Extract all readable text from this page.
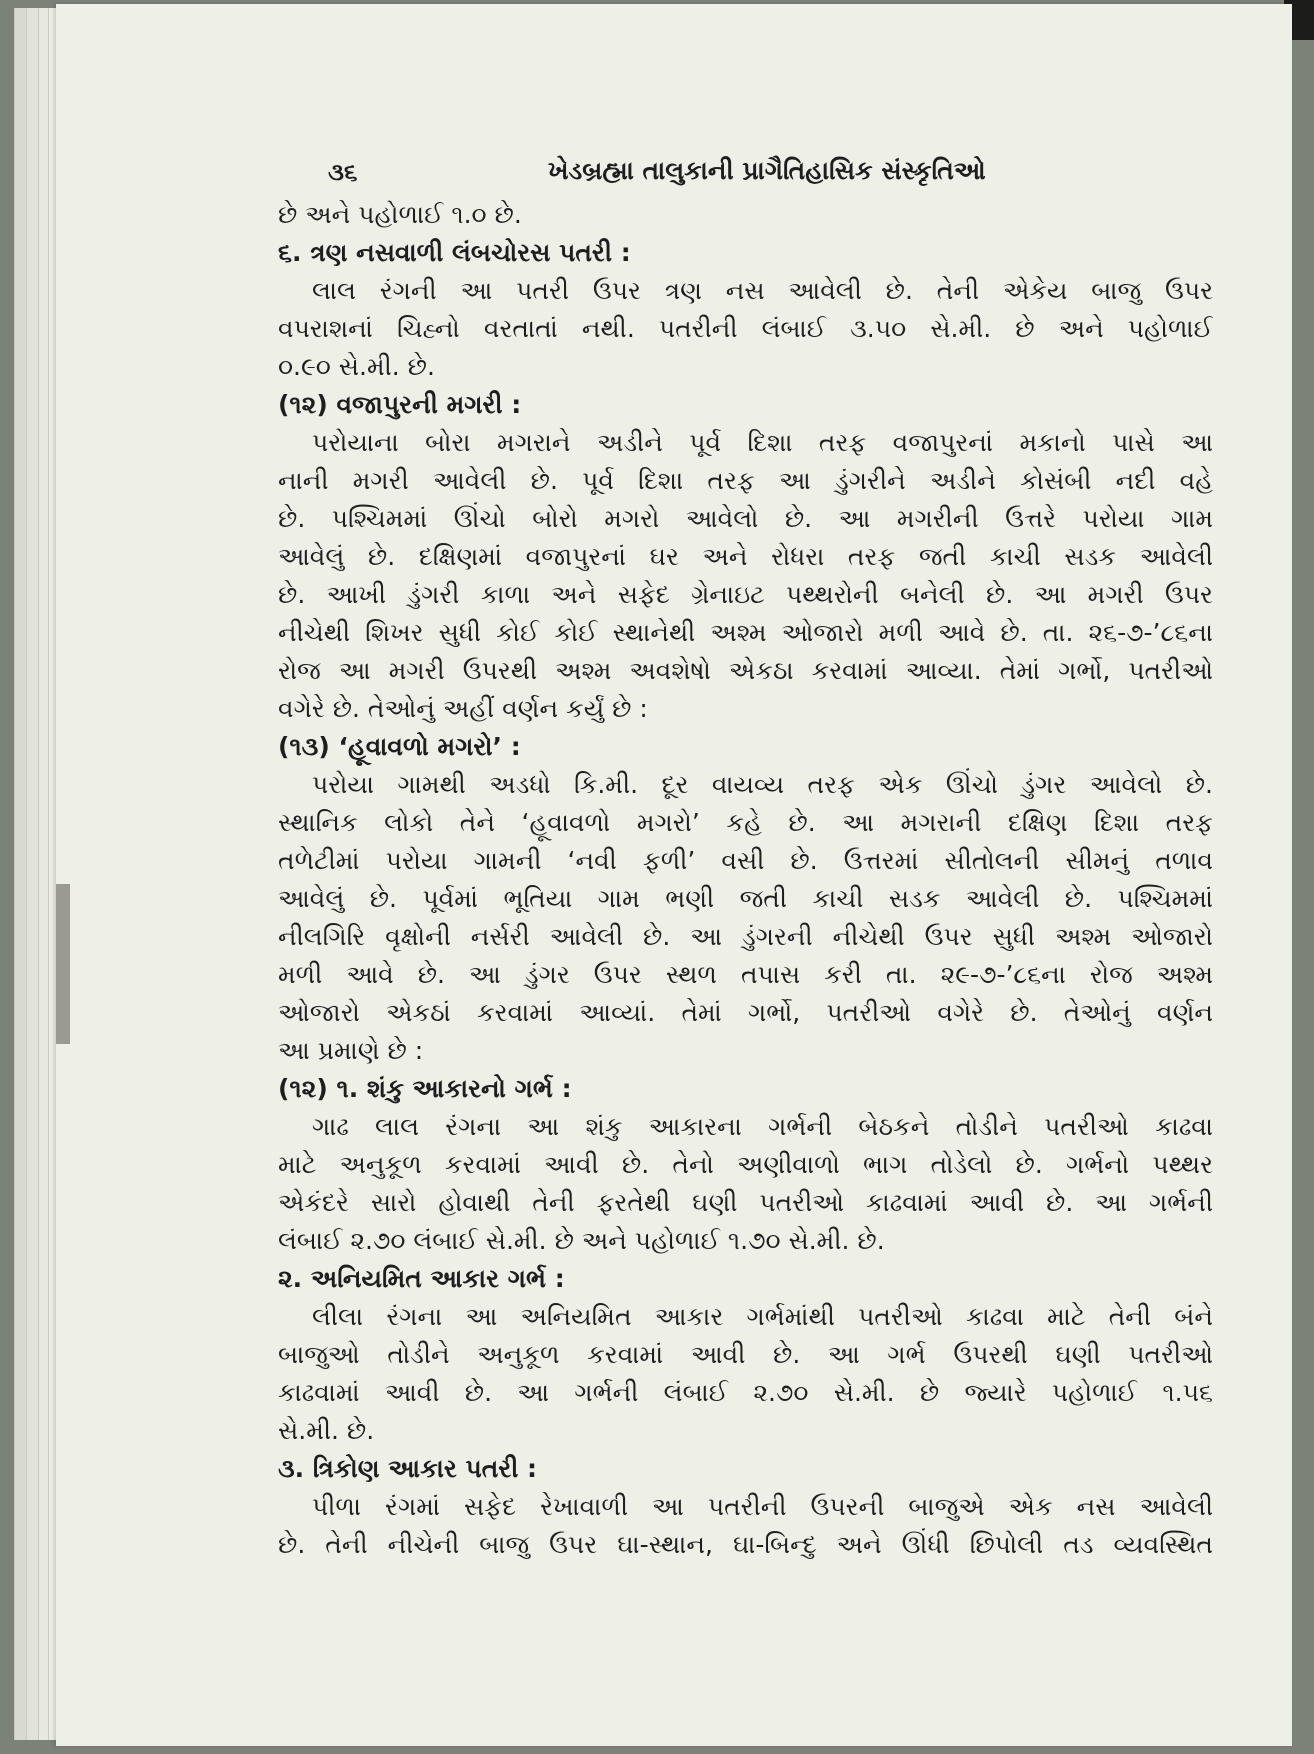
૩૬	ખેડબ્રહ્મા તાલુકાની પ્રાગૈતિહાસિક સંસ્કૃતિઓ
છે અને પહોળાઈ ૧.૦ છે.
૬. ત્રણ નસવાળી લંબચોરસ પતરી :
લાલ રંગની આ પતરી ઉપર ત્રણ નસ આવેલી છે. તેની એકેય બાજુ ઉપર
વપરાશનાં ચિહ્નો વરતાતાં નથી. પતરીની લંબાઈ ૩.૫૦ સે.મી. છે અને પહોળાઈ
૦.૯૦ સે.મી. છે.
(૧૨) વજાપુરની મગરી :
પરોયાના બોરા મગરાને અડીને પૂર્વ દિશા તરફ વજાપુરનાં મકાનો પાસે આ
નાની મગરી આવેલી છે. પૂર્વ દિશા તરફ આ ડુંગરીને અડીને કોસંબી નદી વહે
છે. પશ્ચિમમાં ઊંચો બોરો મગરો આવેલો છે. આ મગરીની ઉત્તરે પરોયા ગામ
આવેલું છે. દક્ષિણમાં વજાપુરનાં ઘર અને રોધરા તરફ જતી કાચી સડક આવેલી
છે. આખી ડુંગરી કાળા અને સફેદ ગ્રેનાઇટ પથ્થરોની બનેલી છે. આ મગરી ઉપર
નીચેથી શિખર સુધી કોઈ કોઈ સ્થાનેથી અશ્મ ઓજારો મળી આવે છે. તા. ૨૬-૭-’૮૬ના
રોજ આ મગરી ઉપરથી અશ્મ અવશેષો એકઠા કરવામાં આવ્યા. તેમાં ગર્ભો, પતરીઓ
વગેરે છે. તેઓનું અહીં વર્ણન કર્યું છે :
(૧૩) ‘હૂવાવળો મગરો’ :
પરોયા ગામથી અડધો કિ.મી. દૂર વાયવ્ય તરફ એક ઊંચો ડુંગર આવેલો છે.
સ્થાનિક લોકો તેને ‘હૂવાવળો મગરો’ કહે છે. આ મગરાની દક્ષિણ દિશા તરફ
તળેટીમાં પરોયા ગામની ‘નવી ફળી’ વસી છે. ઉત્તરમાં સીતોલની સીમનું તળાવ
આવેલું છે. પૂર્વમાં ભૂતિયા ગામ ભણી જતી કાચી સડક આવેલી છે. પશ્ચિમમાં
નીલગિરિ વૃક્ષોની નર્સરી આવેલી છે. આ ડુંગરની નીચેથી ઉપર સુધી અશ્મ ઓજારો
મળી આવે છે. આ ડુંગર ઉપર સ્થળ તપાસ કરી તા. ૨૯-૭-’૮૬ના રોજ અશ્મ
ઓજારો એકઠાં કરવામાં આવ્યાં. તેમાં ગર્ભો, પતરીઓ વગેરે છે. તેઓનું વર્ણન
આ પ્રમાણે છે :
(૧૨) ૧. શંકુ આકારનો ગર્ભ :
ગાઢ લાલ રંગના આ શંકુ આકારના ગર્ભની બેઠકને તોડીને પતરીઓ કાઢવા
માટે અનુકૂળ કરવામાં આવી છે. તેનો અણીવાળો ભાગ તોડેલો છે. ગર્ભનો પથ્થર
એકંદરે સારો હોવાથી તેની ફરતેથી ઘણી પતરીઓ કાઢવામાં આવી છે. આ ગર્ભની
લંબાઈ ૨.૭૦ લંબાઈ સે.મી. છે અને પહોળાઈ ૧.૭૦ સે.મી. છે.
૨. અનિયમિત આકાર ગર્ભ :
લીલા રંગના આ અનિયમિત આકાર ગર્ભમાંથી પતરીઓ કાઢવા માટે તેની બંને
બાજુઓ તોડીને અનુકૂળ કરવામાં આવી છે. આ ગર્ભ ઉપરથી ઘણી પતરીઓ
કાઢવામાં આવી છે. આ ગર્ભની લંબાઈ ૨.૭૦ સે.મી. છે જ્યારે પહોળાઈ ૧.૫૬
સે.મી. છે.
૩. ત્રિકોણ આકાર પતરી :
પીળા રંગમાં સફેદ રેખાવાળી આ પતરીની ઉપરની બાજુએ એક નસ આવેલી
છે. તેની નીચેની બાજુ ઉપર ઘા-સ્થાન, ઘા-બિન્દુ અને ઊંધી છિપોલી તડ વ્યવસ્થિત
